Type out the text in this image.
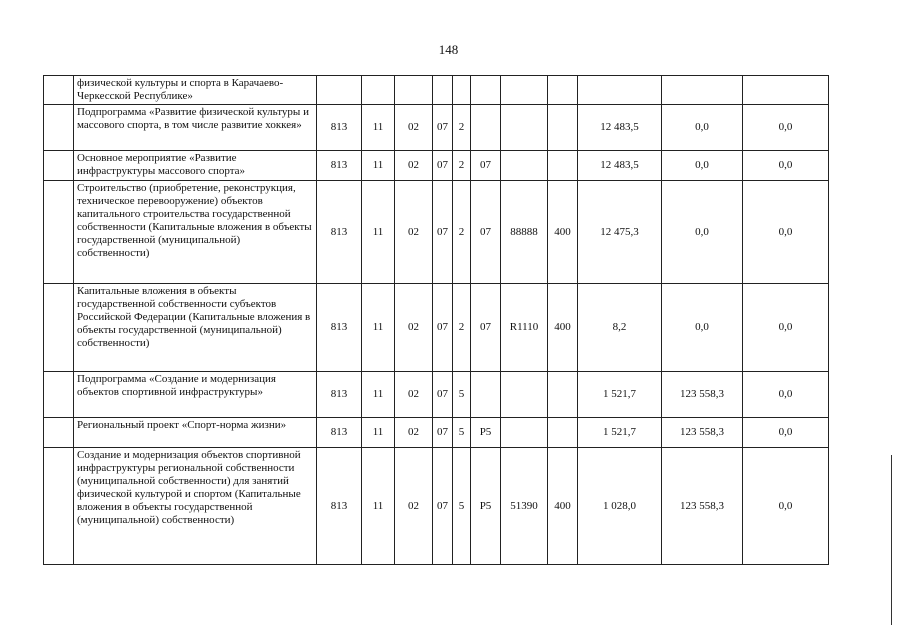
148
	физической культуры и спорта в Карачаево-Черкесской Республике»											
	Подпрограмма «Развитие физической культуры и массового спорта, в том числе развитие хоккея»	813	11	02	07	2				12 483,5	0,0	0,0
	Основное мероприятие «Развитие инфраструктуры массового спорта»	813	11	02	07	2	07			12 483,5	0,0	0,0
	Строительство (приобретение, реконструкция, техническое перевооружение) объектов капитального строительства государственной собственности (Капитальные вложения в объекты государственной (муниципальной) собственности)	813	11	02	07	2	07	88888	400	12 475,3	0,0	0,0
	Капитальные вложения в объекты государственной собственности субъектов Российской Федерации (Капитальные вложения в объекты государственной (муниципальной) собственности)	813	11	02	07	2	07	R1110	400	8,2	0,0	0,0
	Подпрограмма «Создание и модернизация объектов спортивной инфраструктуры»	813	11	02	07	5				1 521,7	123 558,3	0,0
	Региональный проект «Спорт-норма жизни»	813	11	02	07	5	P5			1 521,7	123 558,3	0,0
	Создание и модернизация объектов спортивной инфраструктуры региональной собственности (муниципальной собственности) для занятий физической культурой и спортом (Капитальные вложения в объекты государственной (муниципальной) собственности)	813	11	02	07	5	P5	51390	400	1 028,0	123 558,3	0,0
